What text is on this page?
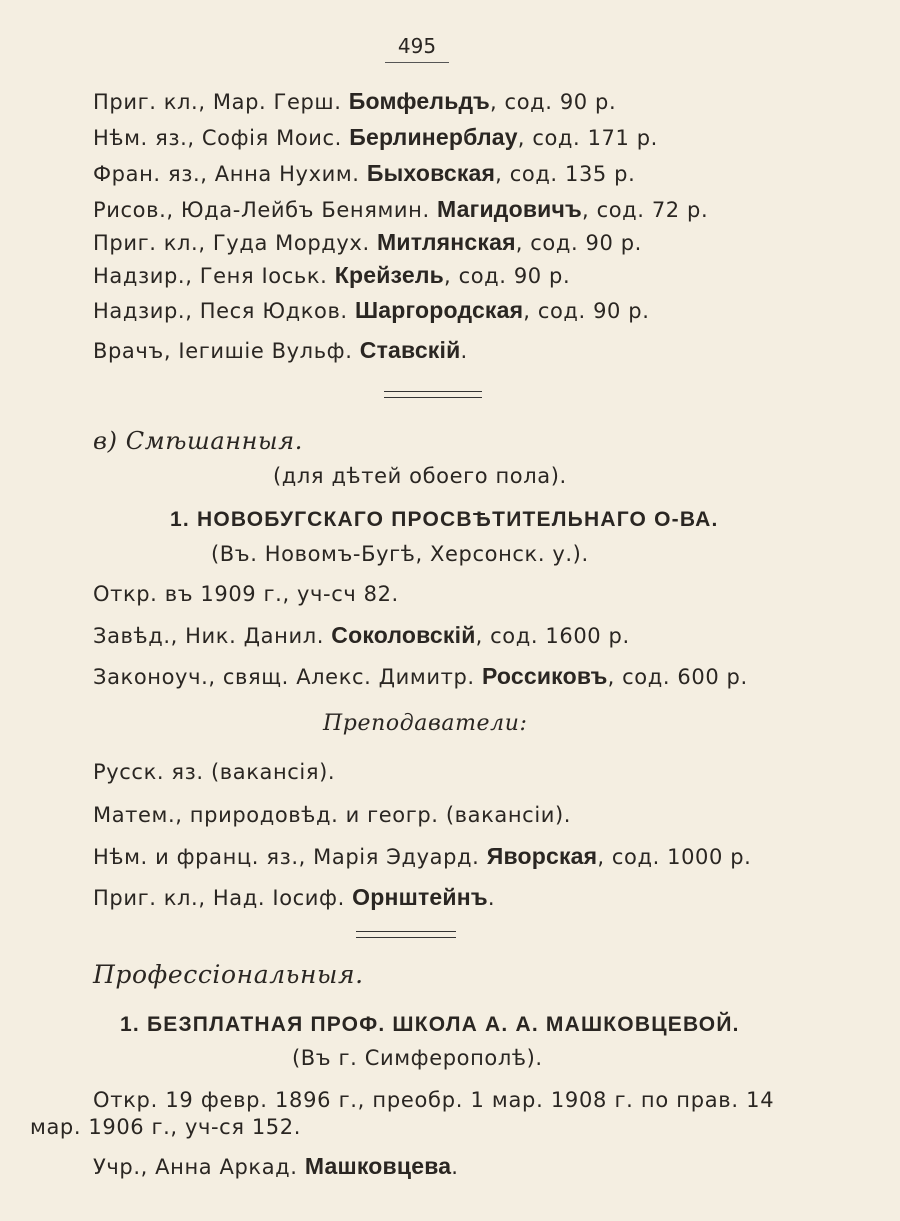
495
Приг. кл., Мар. Герш. Бомфельдъ, сод. 90 р.
Нѣм. яз., Софія Моис. Берлинерблау, сод. 171 р.
Фран. яз., Анна Нухим. Быховская, сод. 135 р.
Рисов., Юда-Лейбъ Бенямин. Магидовичъ, сод. 72 р.
Приг. кл., Гуда Мордух. Митлянская, сод. 90 р.
Надзир., Геня Іоськ. Крейзель, сод. 90 р.
Надзир., Песя Юдков. Шаргородская, сод. 90 р.
Врачъ, Іегишіе Вульф. Ставскій.
в) Смѣшанныя.
(для дѣтей обоего пола).
1. НОВОБУГСКАГО ПРОСВѢТИТЕЛЬНАГО О-ВА.
(Въ. Новомъ-Бугѣ, Херсонск. у.).
Откр. въ 1909 г., уч-сч 82.
Завѣд., Ник. Данил. Соколовскій, сод. 1600 р.
Законоуч., свящ. Алекс. Димитр. Россиковъ, сод. 600 р.
Преподаватели:
Русск. яз. (вакансія).
Матем., природовѣд. и геогр. (вакансіи).
Нѣм. и франц. яз., Марія Эдуард. Яворская, сод. 1000 р.
Приг. кл., Над. Іосиф. Орнштейнъ.
Профессіональныя.
1. БЕЗПЛАТНАЯ ПРОФ. ШКОЛА А. А. МАШКОВЦЕВОЙ.
(Въ г. Симферополѣ).
Откр. 19 февр. 1896 г., преобр. 1 мар. 1908 г. по прав. 14
мар. 1906 г., уч-ся 152.
Учр., Анна Аркад. Машковцева.
